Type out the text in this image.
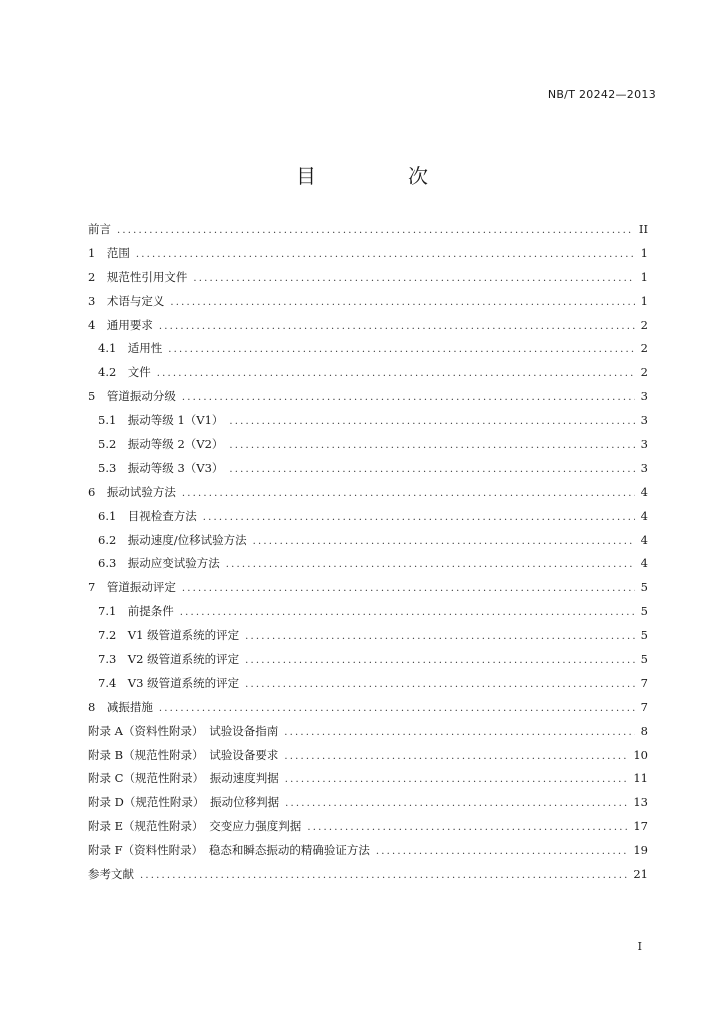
NB/T 20242—2013
目　次
前言 .....	II
1　范围 .....	1
2　规范性引用文件 .....	1
3　术语与定义 .....	1
4　通用要求 .....	2
4.1　适用性 .....	2
4.2　文件 .....	2
5　管道振动分级 .....	3
5.1　振动等级 1（V1） .....	3
5.2　振动等级 2（V2） .....	3
5.3　振动等级 3（V3） .....	3
6　振动试验方法 .....	4
6.1　目视检查方法 .....	4
6.2　振动速度/位移试验方法 .....	4
6.3　振动应变试验方法 .....	4
7　管道振动评定 .....	5
7.1　前提条件 .....	5
7.2　V1 级管道系统的评定 .....	5
7.3　V2 级管道系统的评定 .....	5
7.4　V3 级管道系统的评定 .....	7
8　减振措施 .....	7
附录 A（资料性附录）　试验设备指南 .....	8
附录 B（规范性附录）　试验设备要求 .....	10
附录 C（规范性附录）　振动速度判据 .....	11
附录 D（规范性附录）　振动位移判据 .....	13
附录 E（规范性附录）　交变应力强度判据 .....	17
附录 F（资料性附录）　稳态和瞬态振动的精确验证方法 .....	19
参考文献 .....	21
I
